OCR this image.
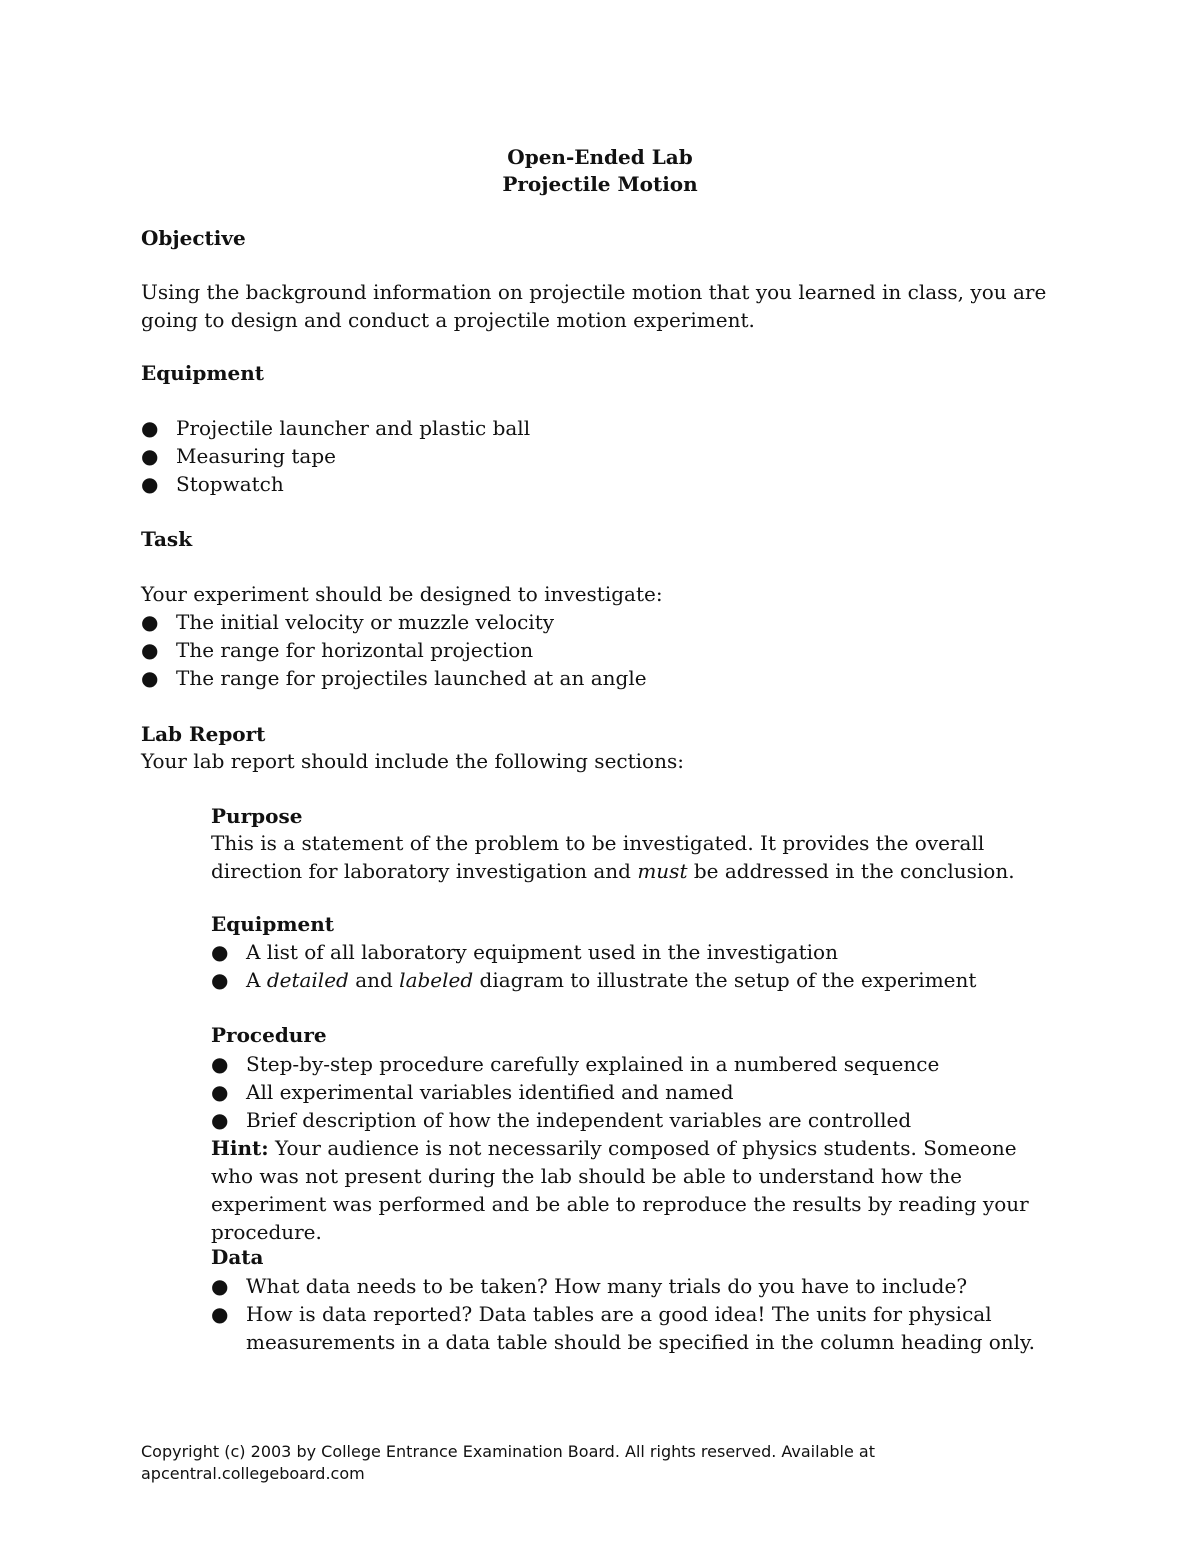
Open-Ended Lab
Projectile Motion
Objective

Using the background information on projectile motion that you learned in class, you are going to design and conduct a projectile motion experiment.

Equipment
● Projectile launcher and plastic ball
● Measuring tape
● Stopwatch
Task

Your experiment should be designed to investigate:

● The initial velocity or muzzle velocity
● The range for horizontal projection
● The range for projectiles launched at an angle
Lab Report

Your lab report should include the following sections:

Purpose

This is a statement of the problem to be investigated. It provides the overall direction for laboratory investigation and must be addressed in the conclusion.

Equipment
● A list of all laboratory equipment used in the investigation
● A detailed and labeled diagram to illustrate the setup of the experiment
Procedure
● Step-by-step procedure carefully explained in a numbered sequence
● All experimental variables identified and named
● Brief description of how the independent variables are controlled

Hint: Your audience is not necessarily composed of physics students. Someone who was not present during the lab should be able to understand how the experiment was performed and be able to reproduce the results by reading your procedure.

Data
● What data needs to be taken? How many trials do you have to include?
● How is data reported? Data tables are a good idea! The units for physical measurements in a data table should be specified in the column heading only.
Copyright (c) 2003 by College Entrance Examination Board. All rights reserved. Available at
apcentral.collegeboard.com
